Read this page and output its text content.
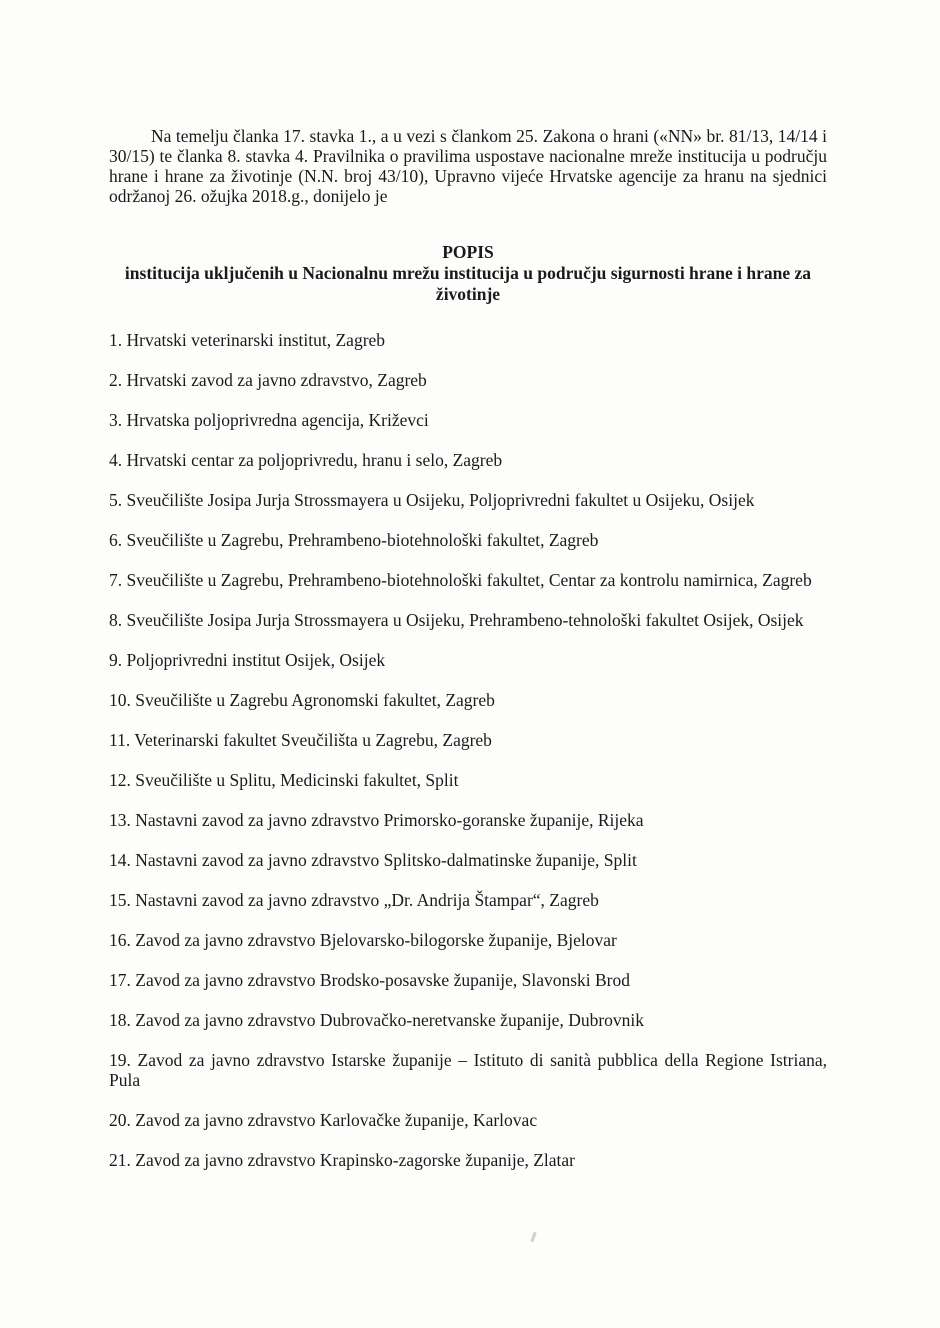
Na temelju članka 17. stavka 1., a u vezi s člankom 25. Zakona o hrani («NN» br. 81/13, 14/14 i 30/15) te članka 8. stavka 4. Pravilnika o pravilima uspostave nacionalne mreže institucija u području hrane i hrane za životinje (N.N. broj 43/10), Upravno vijeće Hrvatske agencije za hranu na sjednici održanoj 26. ožujka 2018.g., donijelo je

POPIS
institucija uključenih u Nacionalnu mrežu institucija u području sigurnosti hrane i hrane za životinje
1. Hrvatski veterinarski institut, Zagreb
2. Hrvatski zavod za javno zdravstvo, Zagreb
3. Hrvatska poljoprivredna agencija, Križevci
4. Hrvatski centar za poljoprivredu, hranu i selo, Zagreb
5. Sveučilište Josipa Jurja Strossmayera u Osijeku, Poljoprivredni fakultet u Osijeku, Osijek
6. Sveučilište u Zagrebu, Prehrambeno-biotehnološki fakultet, Zagreb
7. Sveučilište u Zagrebu, Prehrambeno-biotehnološki fakultet, Centar za kontrolu namirnica, Zagreb
8. Sveučilište Josipa Jurja Strossmayera u Osijeku, Prehrambeno-tehnološki fakultet Osijek, Osijek
9. Poljoprivredni institut Osijek, Osijek
10. Sveučilište u Zagrebu Agronomski fakultet, Zagreb
11. Veterinarski fakultet Sveučilišta u Zagrebu, Zagreb
12. Sveučilište u Splitu, Medicinski fakultet, Split
13. Nastavni zavod za javno zdravstvo Primorsko-goranske županije, Rijeka
14. Nastavni zavod za javno zdravstvo Splitsko-dalmatinske županije, Split
15. Nastavni zavod za javno zdravstvo „Dr. Andrija Štampar“, Zagreb
16. Zavod za javno zdravstvo Bjelovarsko-bilogorske županije, Bjelovar
17. Zavod za javno zdravstvo Brodsko-posavske županije, Slavonski Brod
18. Zavod za javno zdravstvo Dubrovačko-neretvanske županije, Dubrovnik
19. Zavod za javno zdravstvo Istarske županije – Istituto di sanità pubblica della Regione Istriana, Pula
20. Zavod za javno zdravstvo Karlovačke županije, Karlovac
21. Zavod za javno zdravstvo Krapinsko-zagorske županije, Zlatar
